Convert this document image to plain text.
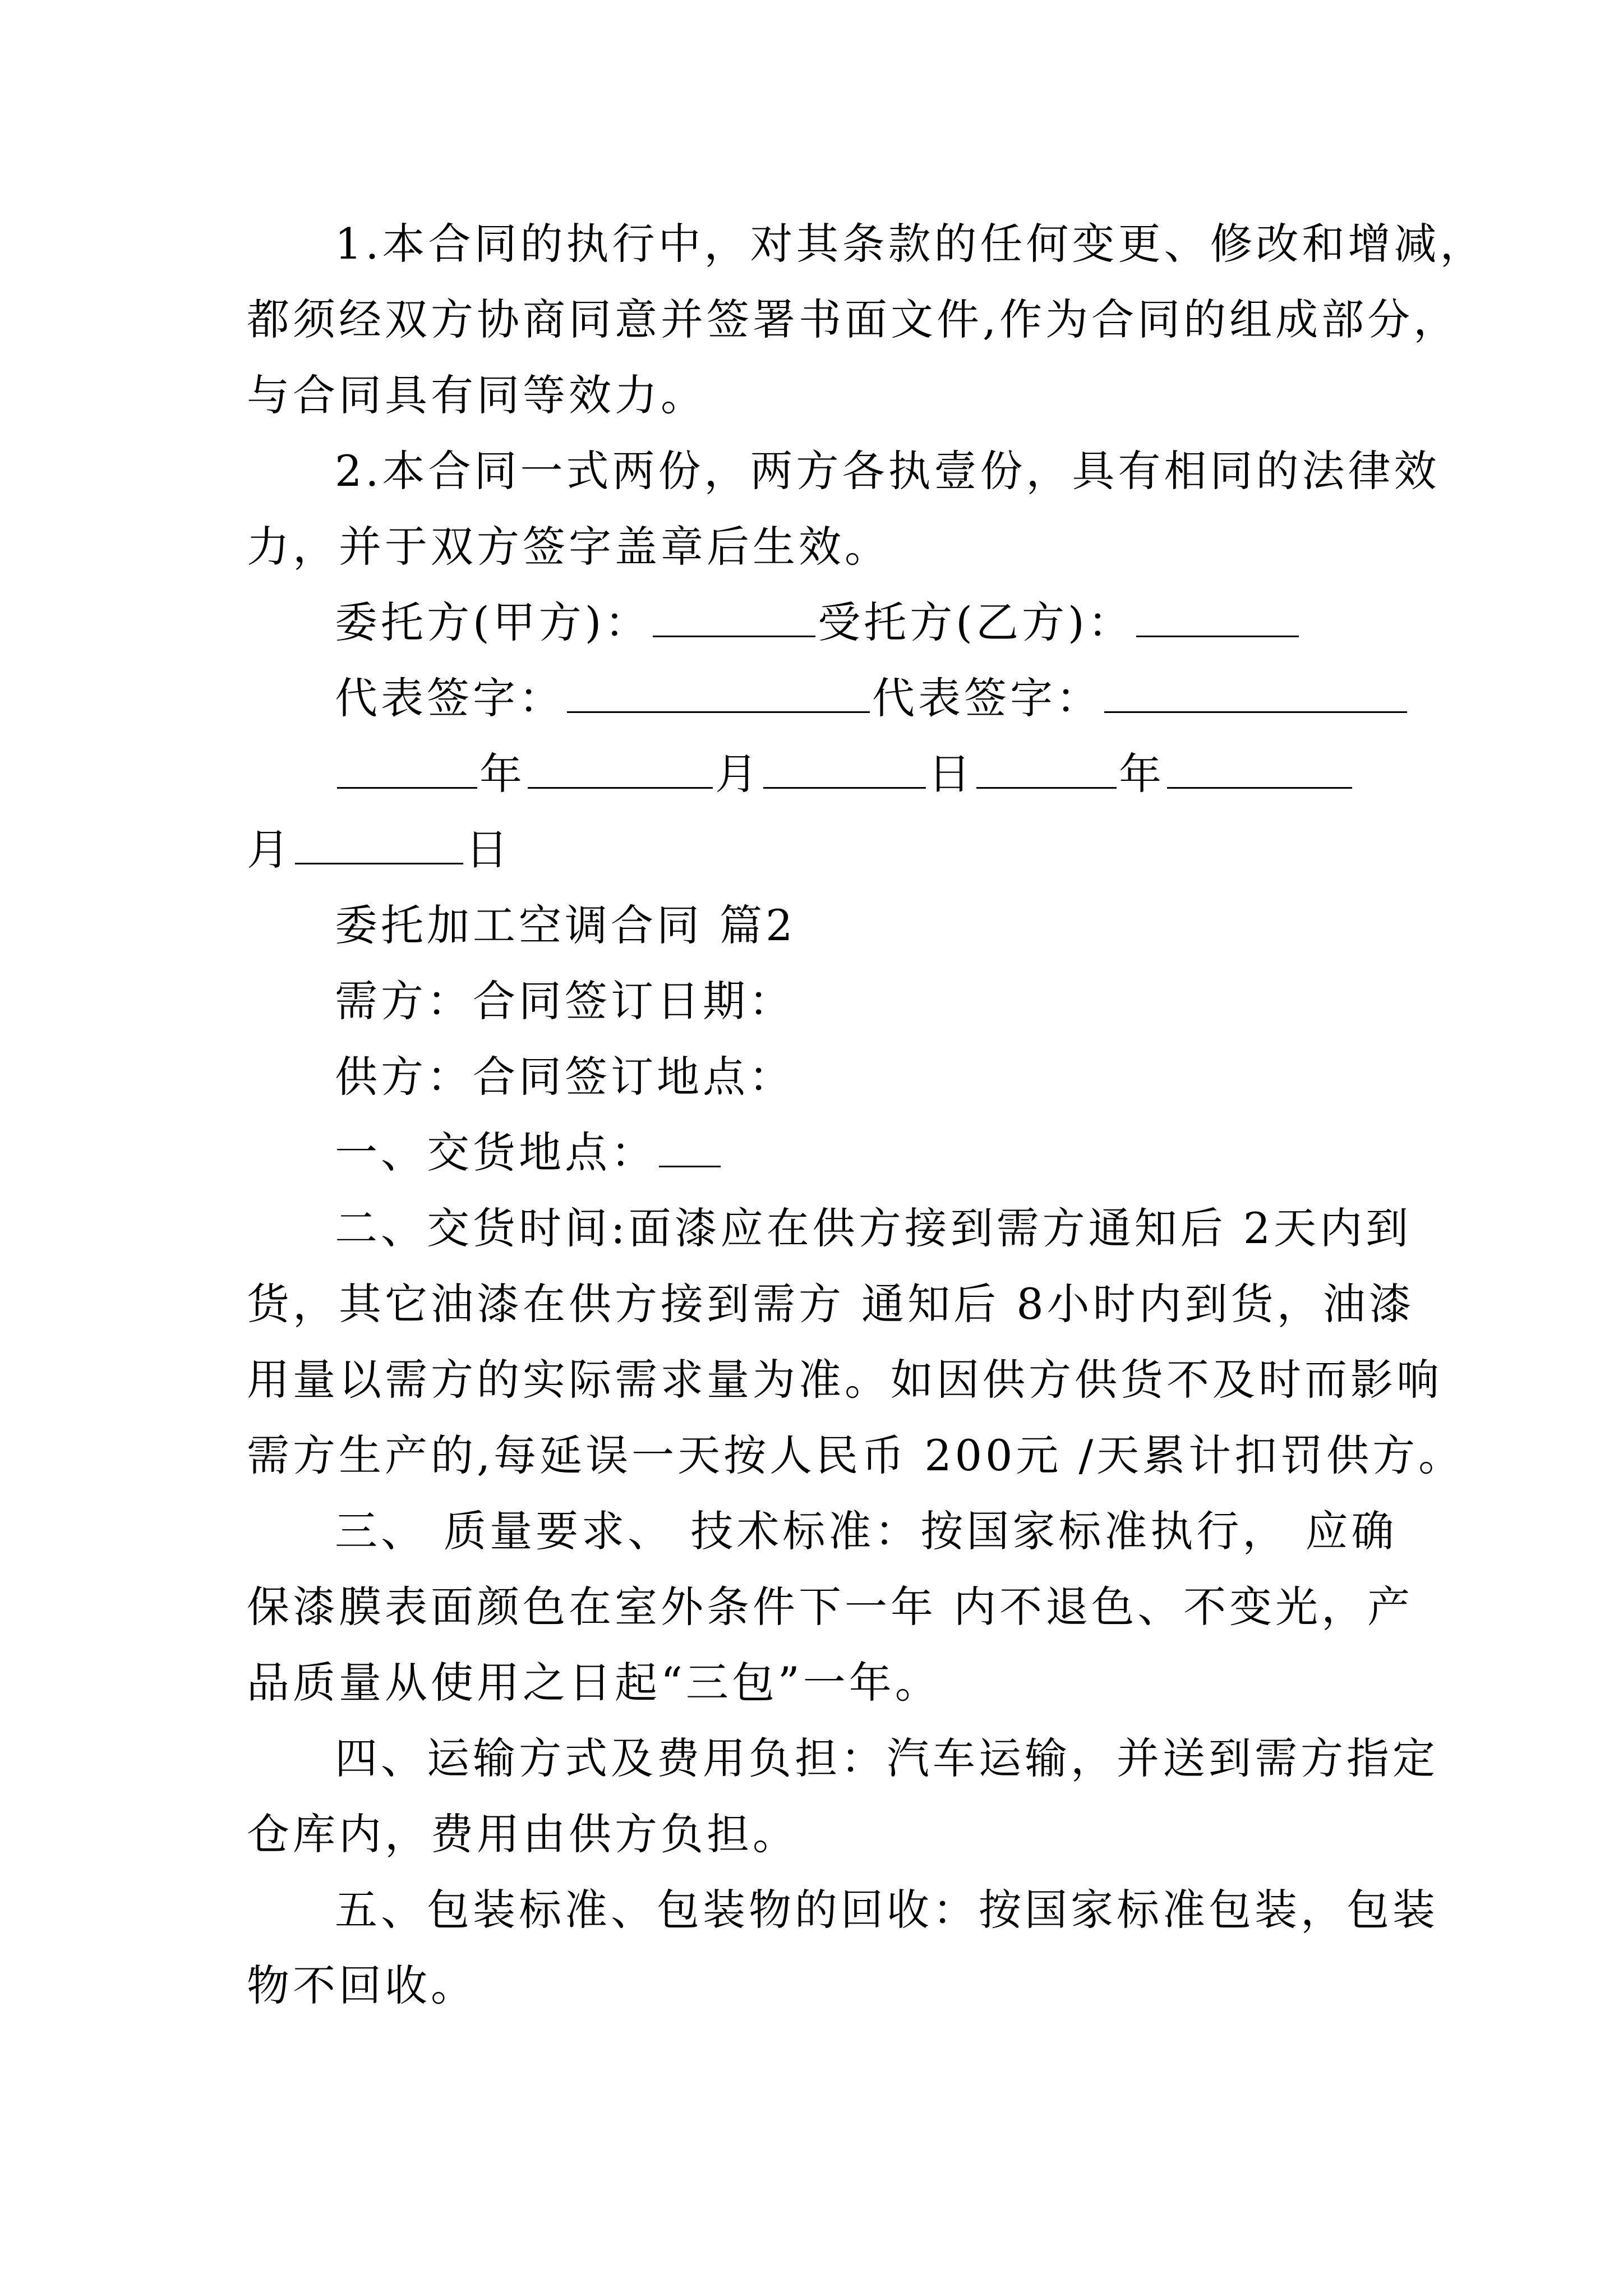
1.本合同的执行中，对其条款的任何变更、修改和增减，
都须经双方协商同意并签署书面文件,作为合同的组成部分，
与合同具有同等效力。
2.本合同一式两份，两方各执壹份，具有相同的法律效
力，并于双方签字盖章后生效。
委托方(甲方)：	受托方(乙方)：
代表签字：	代表签字：
年	月	日	年
月	日
委托加工空调合同 篇2
需方：合同签订日期：
供方：合同签订地点：
一、交货地点：
二、交货时间:面漆应在供方接到需方通知后 2天内到
货，其它油漆在供方接到需方 通知后 8小时内到货，油漆
用量以需方的实际需求量为准。如因供方供货不及时而影响
需方生产的,每延误一天按人民币 200元 /天累计扣罚供方。
三、 质量要求、 技术标准：按国家标准执行， 应确
保漆膜表面颜色在室外条件下一年 内不退色、不变光，产
品质量从使用之日起“三包”一年。
四、运输方式及费用负担：汽车运输，并送到需方指定
仓库内，费用由供方负担。
五、包装标准、包装物的回收：按国家标准包装，包装
物不回收。
